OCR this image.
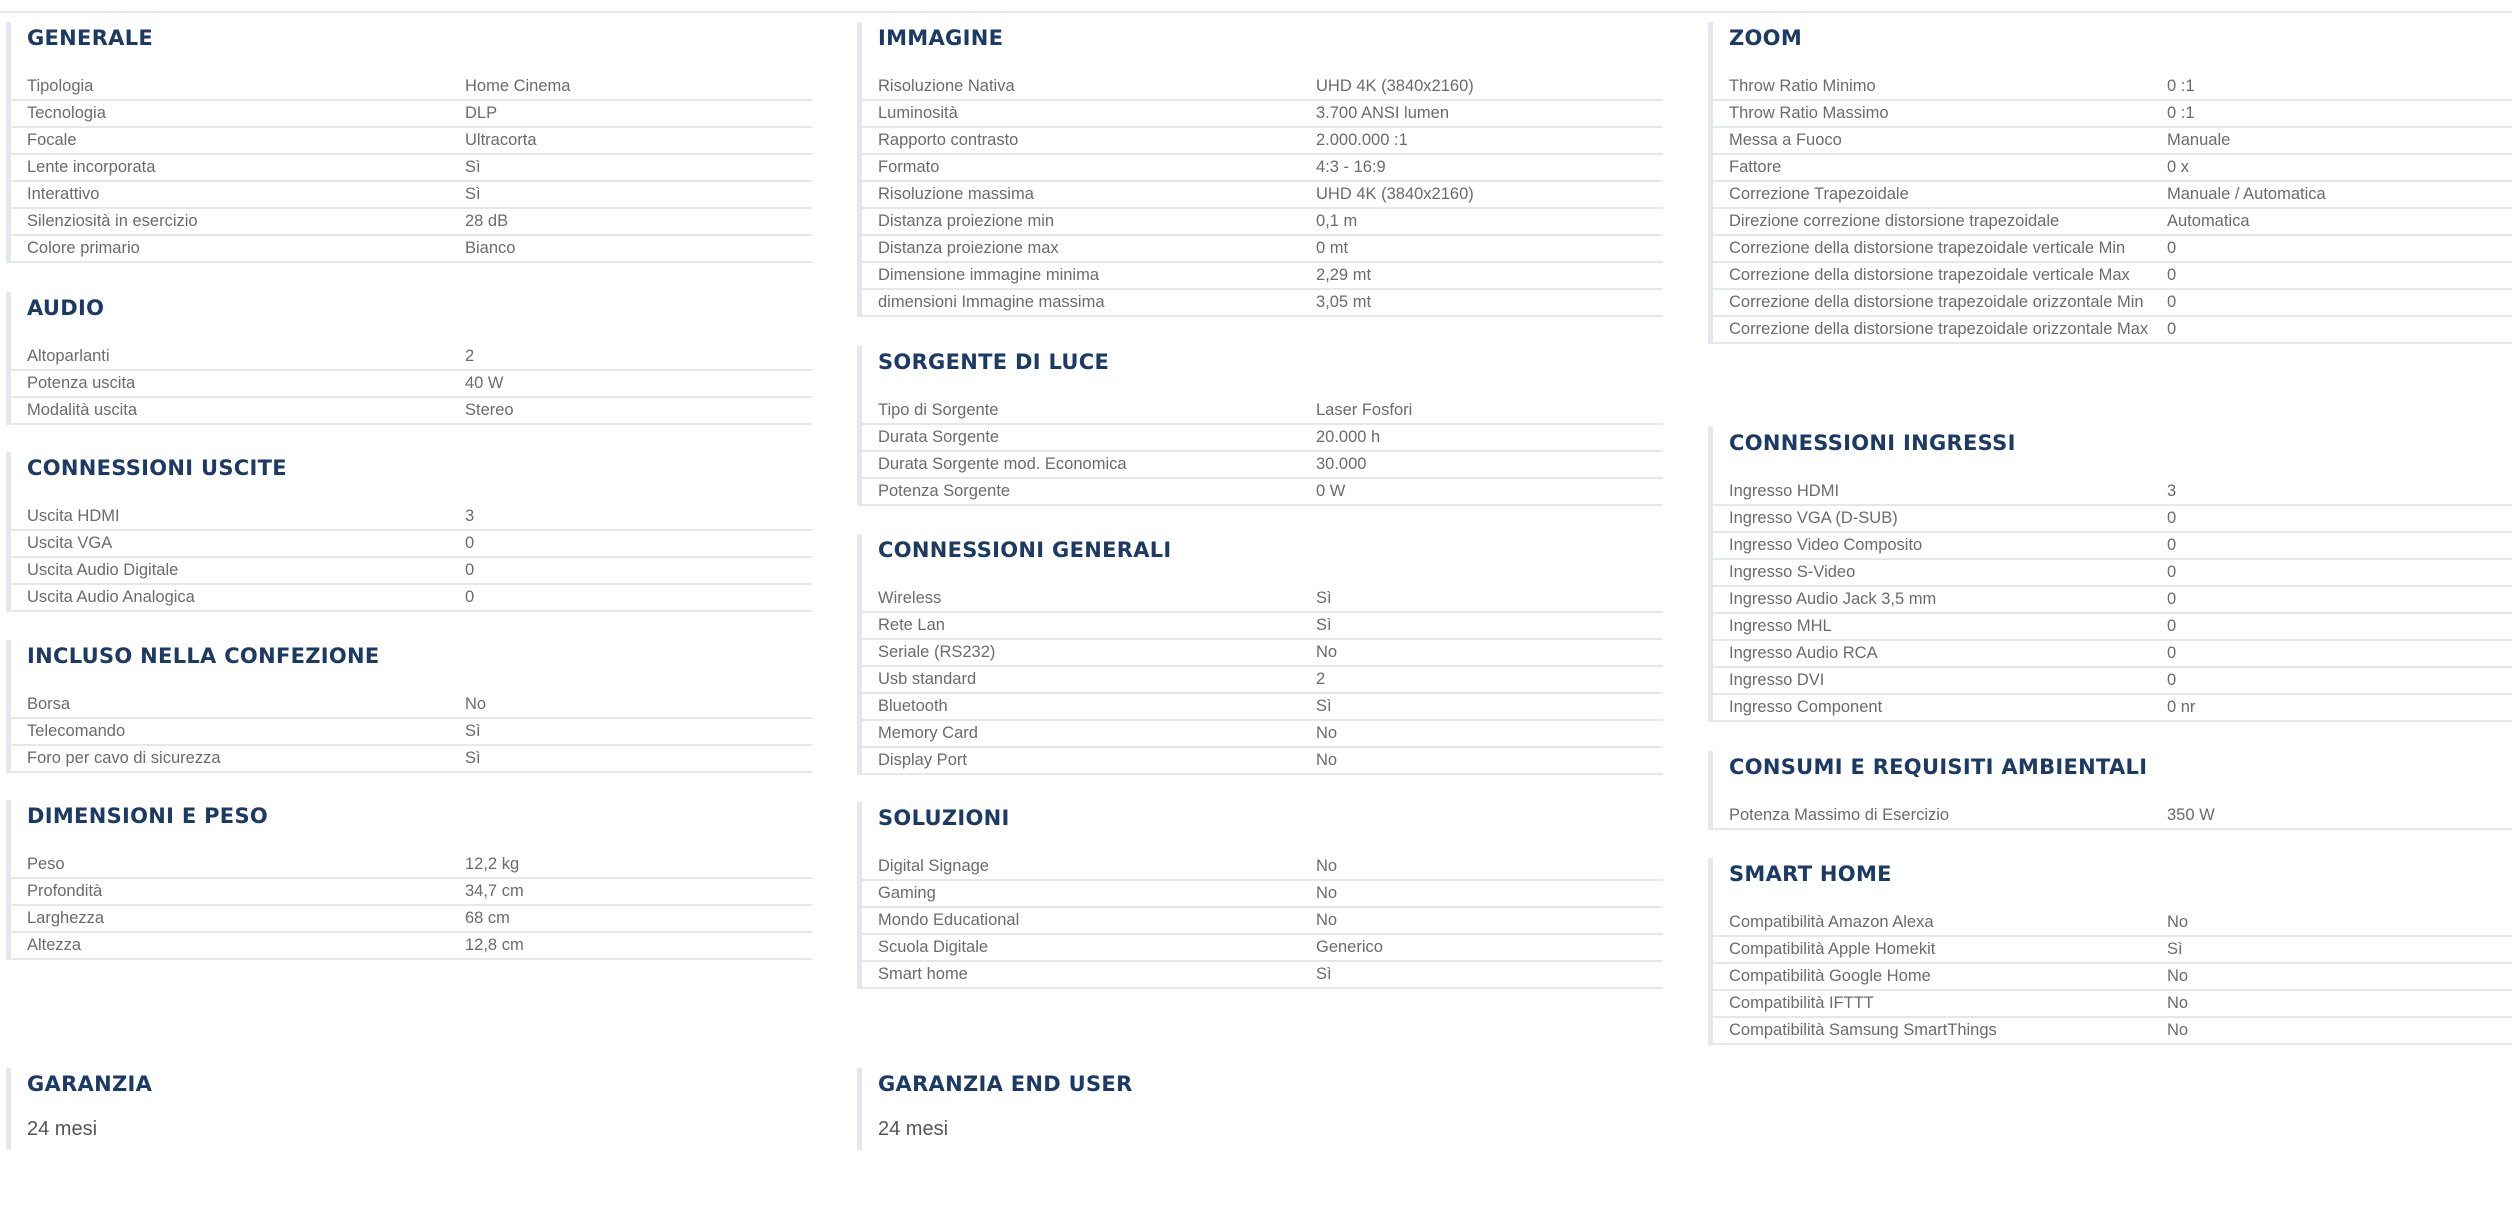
GENERALE
Tipologia	Home Cinema
Tecnologia	DLP
Focale	Ultracorta
Lente incorporata	Sì
Interattivo	Sì
Silenziosità in esercizio	28 dB
Colore primario	Bianco
AUDIO
Altoparlanti	2
Potenza uscita	40 W
Modalità uscita	Stereo
CONNESSIONI USCITE
Uscita HDMI	3
Uscita VGA	0
Uscita Audio Digitale	0
Uscita Audio Analogica	0
INCLUSO NELLA CONFEZIONE
Borsa	No
Telecomando	Sì
Foro per cavo di sicurezza	Sì
DIMENSIONI E PESO
Peso	12,2 kg
Profondità	34,7 cm
Larghezza	68 cm
Altezza	12,8 cm
GARANZIA
24 mesi
IMMAGINE
Risoluzione Nativa	UHD 4K (3840x2160)
Luminosità	3.700 ANSI lumen
Rapporto contrasto	2.000.000 :1
Formato	4:3 - 16:9
Risoluzione massima	UHD 4K (3840x2160)
Distanza proiezione min	0,1 m
Distanza proiezione max	0 mt
Dimensione immagine minima	2,29 mt
dimensioni Immagine massima	3,05 mt
SORGENTE DI LUCE
Tipo di Sorgente	Laser Fosfori
Durata Sorgente	20.000 h
Durata Sorgente mod. Economica	30.000
Potenza Sorgente	0 W
CONNESSIONI GENERALI
Wireless	Sì
Rete Lan	Sì
Seriale (RS232)	No
Usb standard	2
Bluetooth	Sì
Memory Card	No
Display Port	No
SOLUZIONI
Digital Signage	No
Gaming	No
Mondo Educational	No
Scuola Digitale	Generico
Smart home	Sì
GARANZIA END USER
24 mesi
ZOOM
Throw Ratio Minimo	0 :1
Throw Ratio Massimo	0 :1
Messa a Fuoco	Manuale
Fattore	0 x
Correzione Trapezoidale	Manuale / Automatica
Direzione correzione distorsione trapezoidale	Automatica
Correzione della distorsione trapezoidale verticale Min	0
Correzione della distorsione trapezoidale verticale Max	0
Correzione della distorsione trapezoidale orizzontale Min	0
Correzione della distorsione trapezoidale orizzontale Max	0
CONNESSIONI INGRESSI
Ingresso HDMI	3
Ingresso VGA (D-SUB)	0
Ingresso Video Composito	0
Ingresso S-Video	0
Ingresso Audio Jack 3,5 mm	0
Ingresso MHL	0
Ingresso Audio RCA	0
Ingresso DVI	0
Ingresso Component	0 nr
CONSUMI E REQUISITI AMBIENTALI
Potenza Massimo di Esercizio	350 W
SMART HOME
Compatibilità Amazon Alexa	No
Compatibilità Apple Homekit	Sì
Compatibilità Google Home	No
Compatibilità IFTTT	No
Compatibilità Samsung SmartThings	No
